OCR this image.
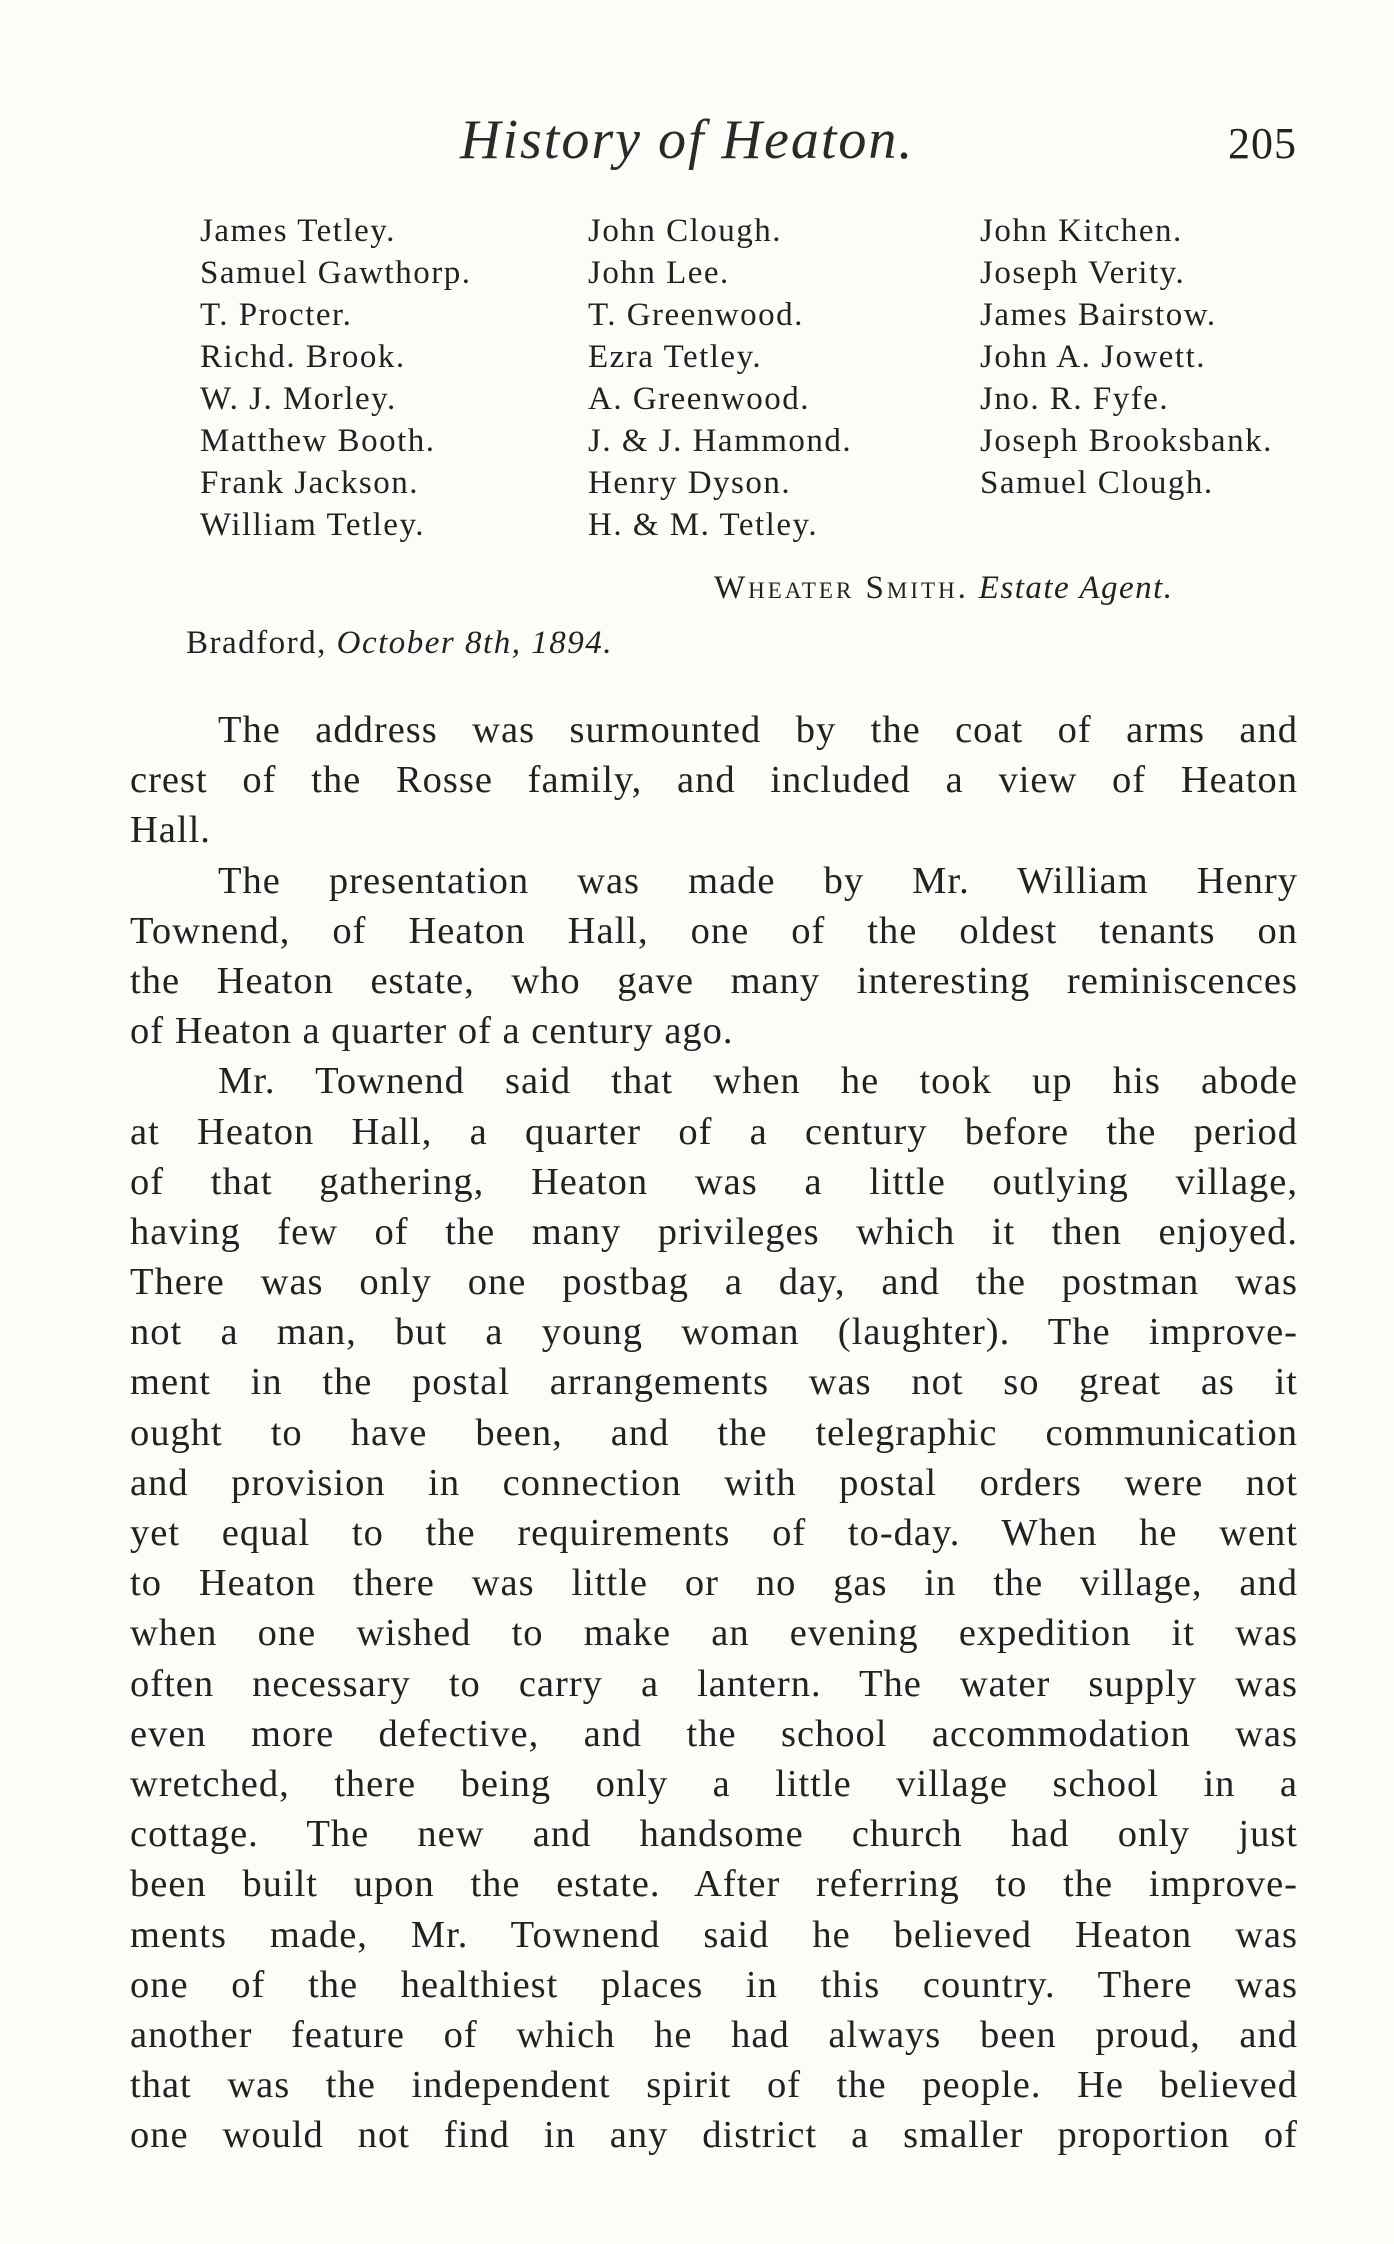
History of Heaton.	205
James Tetley.
Samuel Gawthorp.
T. Procter.
Richd. Brook.
W. J. Morley.
Matthew Booth.
Frank Jackson.
William Tetley.
John Clough.
John Lee.
T. Greenwood.
Ezra Tetley.
A. Greenwood.
J. & J. Hammond.
Henry Dyson.
H. & M. Tetley.
John Kitchen.
Joseph Verity.
James Bairstow.
John A. Jowett.
Jno. R. Fyfe.
Joseph Brooksbank.
Samuel Clough.
Wheater Smith. Estate Agent.
Bradford, October 8th, 1894.
The address was surmounted by the coat of arms and
crest of the Rosse family, and included a view of Heaton
Hall.
The presentation was made by Mr. William Henry
Townend, of Heaton Hall, one of the oldest tenants on
the Heaton estate, who gave many interesting reminiscences
of Heaton a quarter of a century ago.
Mr. Townend said that when he took up his abode
at Heaton Hall, a quarter of a century before the period
of that gathering, Heaton was a little outlying village,
having few of the many privileges which it then enjoyed.
There was only one postbag a day, and the postman was
not a man, but a young woman (laughter). The improve-
ment in the postal arrangements was not so great as it
ought to have been, and the telegraphic communication
and provision in connection with postal orders were not
yet equal to the requirements of to-day. When he went
to Heaton there was little or no gas in the village, and
when one wished to make an evening expedition it was
often necessary to carry a lantern. The water supply was
even more defective, and the school accommodation was
wretched, there being only a little village school in a
cottage. The new and handsome church had only just
been built upon the estate. After referring to the improve-
ments made, Mr. Townend said he believed Heaton was
one of the healthiest places in this country. There was
another feature of which he had always been proud, and
that was the independent spirit of the people. He believed
one would not find in any district a smaller proportion of
